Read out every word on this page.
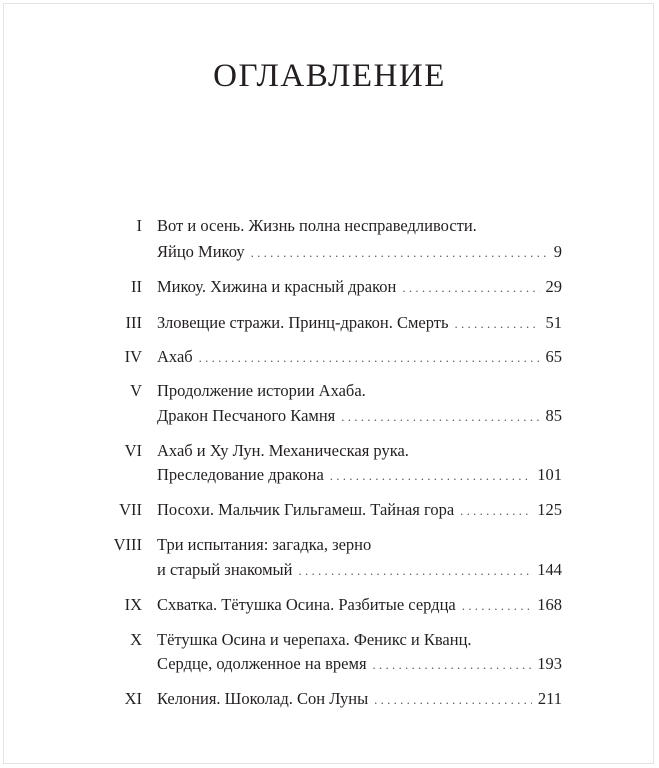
ОГЛАВЛЕНИЕ
I Вот и осень. Жизнь полна несправедливости.
Яйцо Микоу . . .	9
II Микоу. Хижина и красный дракон . . .	29
III Зловещие стражи. Принц-дракон. Смерть . . .	51
IV Ахаб . . .	65
V Продолжение истории Ахаба.
Дракон Песчаного Камня . . .	85
VI Ахаб и Ху Лун. Механическая рука.
Преследование дракона . . .	101
VII Посохи. Мальчик Гильгамеш. Тайная гора . . .	125
VIII Три испытания: загадка, зерно
и старый знакомый . . .	144
IX Схватка. Тётушка Осина. Разбитые сердца . . .	168
X Тётушка Осина и черепаха. Феникс и Кванц.
Сердце, одолженное на время . . .	193
XI Келония. Шоколад. Сон Луны . . .	211
